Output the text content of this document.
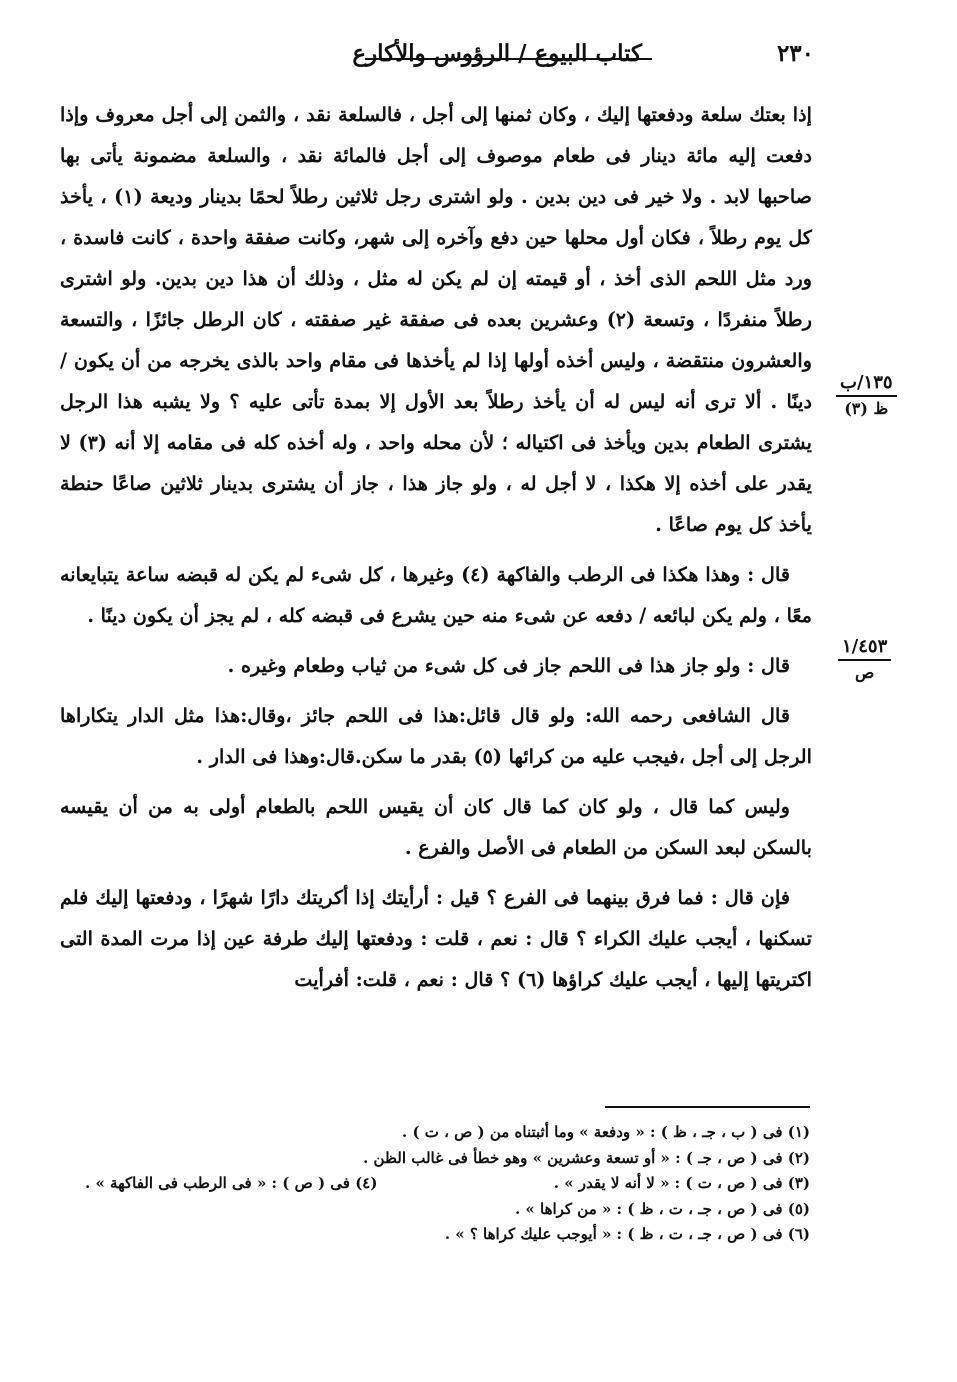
٢٣٠
كتاب البيوع / الرؤوس والأكارع

إذا بعتك سلعة ودفعتها إليك ، وكان ثمنها إلى أجل ، فالسلعة نقد ، والثمن إلى أجل معروف وإذا دفعت إليه مائة دينار فى طعام موصوف إلى أجل فالمائة نقد ، والسلعة مضمونة يأتى بها صاحبها لابد . ولا خير فى دين بدين . ولو اشترى رجل ثلاثين رطلاً لحمًا بدينار وديعة (١) ، يأخذ كل يوم رطلاً ، فكان أول محلها حين دفع وآخره إلى شهر، وكانت صفقة واحدة ، كانت فاسدة ، ورد مثل اللحم الذى أخذ ، أو قيمته إن لم يكن له مثل ، وذلك أن هذا دين بدين. ولو اشترى رطلاً منفردًا ، وتسعة (٢) وعشرين بعده فى صفقة غير صفقته ، كان الرطل جائزًا ، والتسعة والعشرون منتقضة ، وليس أخذه أولها إذا لم يأخذها فى مقام واحد بالذى يخرجه من أن يكون / دينًا . ألا ترى أنه ليس له أن يأخذ رطلاً بعد الأول إلا بمدة تأتى عليه ؟ ولا يشبه هذا الرجل يشترى الطعام بدين ويأخذ فى اكتياله ؛ لأن محله واحد ، وله أخذه كله فى مقامه إلا أنه (٣) لا يقدر على أخذه إلا هكذا ، لا أجل له ، ولو جاز هذا ، جاز أن يشترى بدينار ثلاثين صاعًا حنطة يأخذ كل يوم صاعًا .

قال : وهذا هكذا فى الرطب والفاكهة (٤) وغيرها ، كل شىء لم يكن له قبضه ساعة يتبايعانه معًا ، ولم يكن لبائعه / دفعه عن شىء منه حين يشرع فى قبضه كله ، لم يجز أن يكون دينًا .

قال : ولو جاز هذا فى اللحم جاز فى كل شىء من ثياب وطعام وغيره .

قال الشافعى رحمه الله: ولو قال قائل:هذا فى اللحم جائز ،وقال:هذا مثل الدار يتكاراها الرجل إلى أجل ،فيجب عليه من كرائها (٥) بقدر ما سكن.قال:وهذا فى الدار .

وليس كما قال ، ولو كان كما قال كان أن يقيس اللحم بالطعام أولى به من أن يقيسه بالسكن لبعد السكن من الطعام فى الأصل والفرع .

فإن قال : فما فرق بينهما فى الفرع ؟ قيل : أرأيتك إذا أكريتك دارًا شهرًا ، ودفعتها إليك فلم تسكنها ، أيجب عليك الكراء ؟ قال : نعم ، قلت : ودفعتها إليك طرفة عين إذا مرت المدة التى اكتريتها إليها ، أيجب عليك كراؤها (٦) ؟ قال : نعم ، قلت: أفرأيت

١٣٥/ب
ظ (٣)
١/٤٥٣
ص
(١) فى ( ب ، جـ ، ظ ) : « ودفعة » وما أثبتناه من ( ص ، ت ) .
(٢) فى ( ص ، جـ ) : « أو تسعة وعشرين » وهو خطأ فى غالب الظن .
(٣) فى ( ص ، ت ) : « لا أنه لا يقدر » .
(٤) فى ( ص ) : « فى الرطب فى الفاكهة » .
(٥) فى ( ص ، جـ ، ت ، ظ ) : « من كراها » .
(٦) فى ( ص ، جـ ، ت ، ظ ) : « أيوجب عليك كراها ؟ » .
